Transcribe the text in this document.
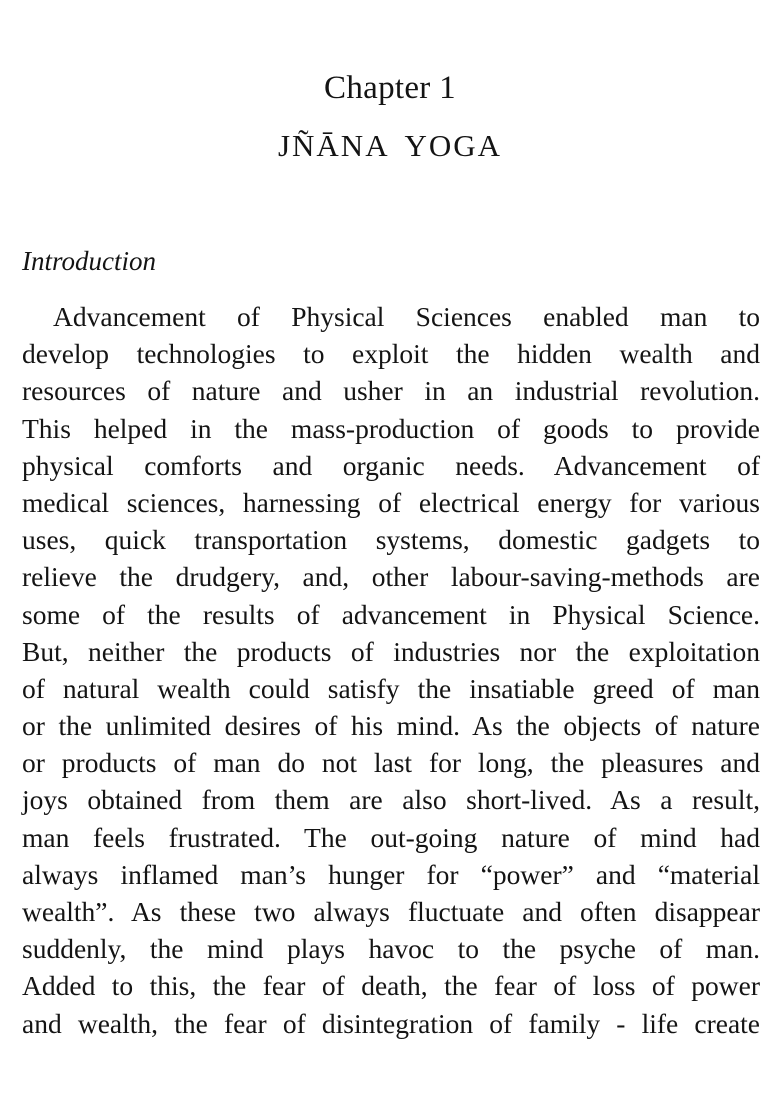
Chapter 1
JÑĀNA YOGA
Introduction
Advancement of Physical Sciences enabled man to
develop technologies to exploit the hidden wealth and
resources of nature and usher in an industrial revolution.
This helped in the mass-production of goods to provide
physical comforts and organic needs. Advancement of
medical sciences, harnessing of electrical energy for various
uses, quick transportation systems, domestic gadgets to
relieve the drudgery, and, other labour-saving-methods are
some of the results of advancement in Physical Science.
But, neither the products of industries nor the exploitation
of natural wealth could satisfy the insatiable greed of man
or the unlimited desires of his mind. As the objects of nature
or products of man do not last for long, the pleasures and
joys obtained from them are also short-lived. As a result,
man feels frustrated. The out-going nature of mind had
always inflamed man’s hunger for “power” and “material
wealth”. As these two always fluctuate and often disappear
suddenly, the mind plays havoc to the psyche of man.
Added to this, the fear of death, the fear of loss of power
and wealth, the fear of disintegration of family - life create
